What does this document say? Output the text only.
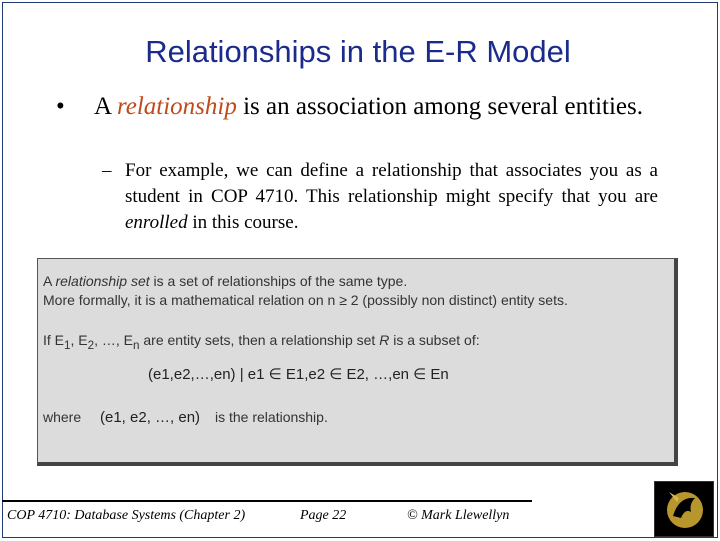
Relationships in the E-R Model
• A relationship is an association among several entities.
– For example, we can define a relationship that associates you as a student in COP 4710. This relationship might specify that you are enrolled in this course.
A relationship set is a set of relationships of the same type.
More formally, it is a mathematical relation on n ≥ 2 (possibly non distinct) entity sets.
If $E_1$, $E_2$, …, $E_n$ are entity sets, then a relationship set R is a subset of:
(e1,e2,…,en) | e1 ∈ E1,e2 ∈ E2, …,en ∈ En
where (e1, e2, …, en) is the relationship.
COP 4710: Database Systems (Chapter 2)	Page 22	© Mark Llewellyn
